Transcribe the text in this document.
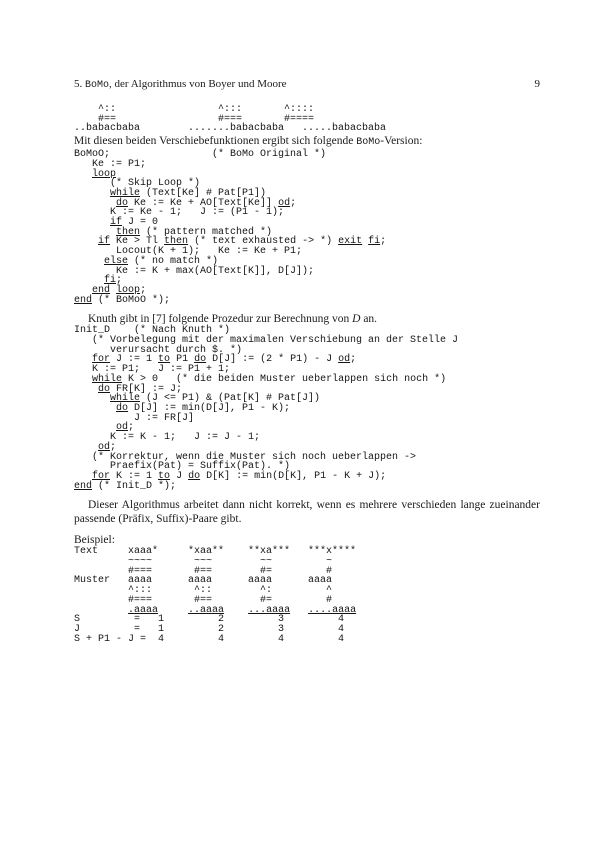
5. BoMo, der Algorithmus von Boyer und Moore	9
^::                 ^:::       ^::::
#==                 #===       #====
..babacbaba        .......babacbaba   .....babacbaba
Mit diesen beiden Verschiebefunktionen ergibt sich folgende BoMo-Version:
BoMoO;                 (* BoMo Original *)
Ke := P1;
loop
(* Skip Loop *)
while (Text[Ke] # Pat[P1])
do Ke := Ke + AO[Text[Ke]] od;
K := Ke - 1;   J := (P1 - 1);
if J = 0
then (* pattern matched *)
if Ke > Tl then (* text exhausted -> *) exit fi;
Locout(K + 1);   Ke := Ke + P1;
else (* no match *)
Ke := K + max(AO[Text[K]], D[J]);
fi;
end loop;
end (* BoMoO *);
Knuth gibt in [7] folgende Prozedur zur Berechnung von D an.
Init_D    (* Nach Knuth *)
(* Vorbelegung mit der maximalen Verschiebung an der Stelle J
verursacht durch $. *)
for J := 1 to P1 do D[J] := (2 * P1) - J od;
K := P1;   J := P1 + 1;
while K > 0   (* die beiden Muster ueberlappen sich noch *)
do FR[K] := J;
while (J <= P1) & (Pat[K] # Pat[J])
do D[J] := min(D[J], P1 - K);
J := FR[J]
od;
K := K - 1;   J := J - 1;
od;
(* Korrektur, wenn die Muster sich noch ueberlappen ->
Praefix(Pat) = Suffix(Pat). *)
for K := 1 to J do D[K] := min(D[K], P1 - K + J);
end (* Init_D *);
Dieser Algorithmus arbeitet dann nicht korrekt, wenn es mehrere verschieden lange zueinander passende (Präfix, Suffix)-Paare gibt.
Beispiel:
Text     xaaa*     *xaa**    **xa***   ***x****
~~~~       ~~~        ~~         ~
#===       #==        #=         #
Muster   aaaa      aaaa      aaaa      aaaa
^:::       ^::        ^:         ^
#===       #==        #=         #
.aaaa	..aaaa ...aaaa ....aaaa
S         =   1         2         3         4
J         =   1         2         3         4
S + P1 - J =  4         4         4         4
